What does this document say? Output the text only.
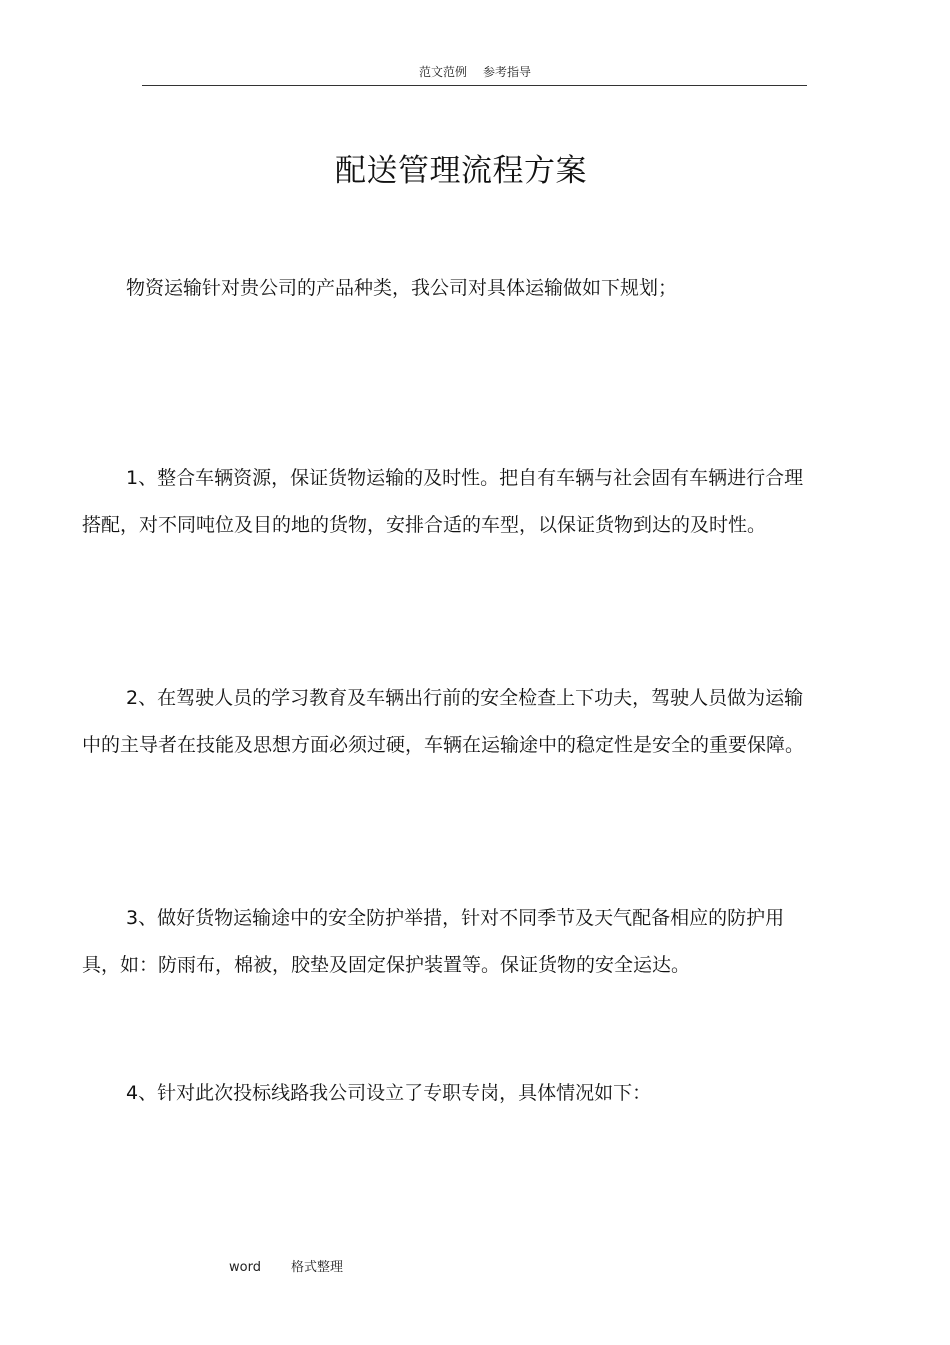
范文范例 参考指导
配送管理流程方案
物资运输针对贵公司的产品种类，我公司对具体运输做如下规划；
1、整合车辆资源，保证货物运输的及时性。把自有车辆与社会固有车辆进行合理搭配，对不同吨位及目的地的货物，安排合适的车型，以保证货物到达的及时性。
2、在驾驶人员的学习教育及车辆出行前的安全检查上下功夫，驾驶人员做为运输中的主导者在技能及思想方面必须过硬，车辆在运输途中的稳定性是安全的重要保障。
3、做好货物运输途中的安全防护举措，针对不同季节及天气配备相应的防护用具，如：防雨布，棉被，胶垫及固定保护装置等。保证货物的安全运达。
4、针对此次投标线路我公司设立了专职专岗，具体情况如下：
word 格式整理
